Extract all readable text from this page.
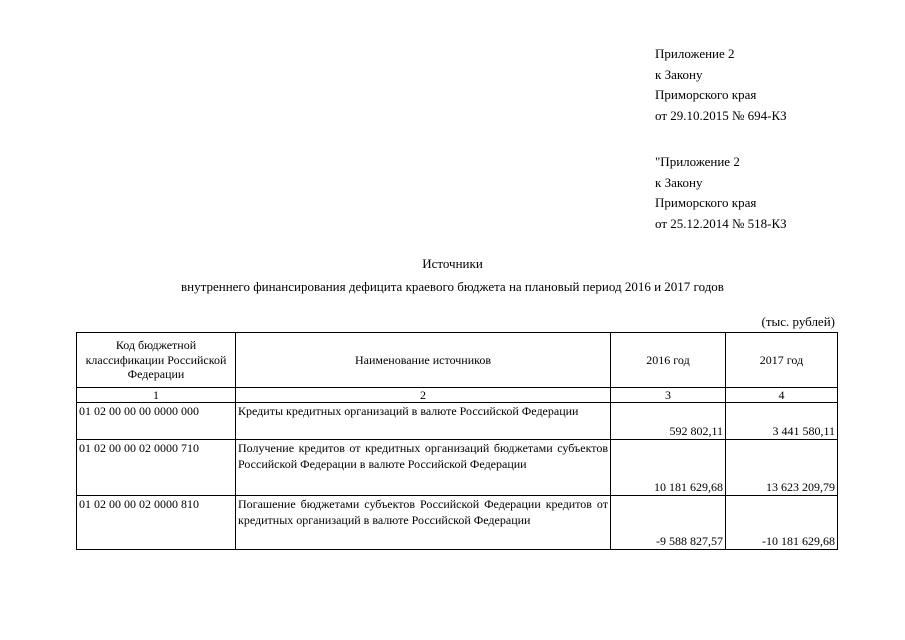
Приложение 2
к Закону
Приморского края
от 29.10.2015 № 694-КЗ
"Приложение 2
к Закону
Приморского края
от 25.12.2014 № 518-КЗ
Источники
внутреннего финансирования дефицита краевого бюджета на плановый период 2016 и 2017 годов
(тыс. рублей)
Код бюджетной классификации Российской Федерации	Наименование источников	2016 год	2017 год
1	2	3	4
01 02 00 00 00 0000 000	Кредиты кредитных организаций в валюте Российской Федерации	592 802,11	3 441 580,11
01 02 00 00 02 0000 710	Получение кредитов от кредитных организаций бюджетами субъектов Российской Федерации в валюте Российской Федерации	10 181 629,68	13 623 209,79
01 02 00 00 02 0000 810	Погашение бюджетами субъектов Российской Федерации кредитов от кредитных организаций в валюте Российской Федерации	-9 588 827,57	-10 181 629,68
